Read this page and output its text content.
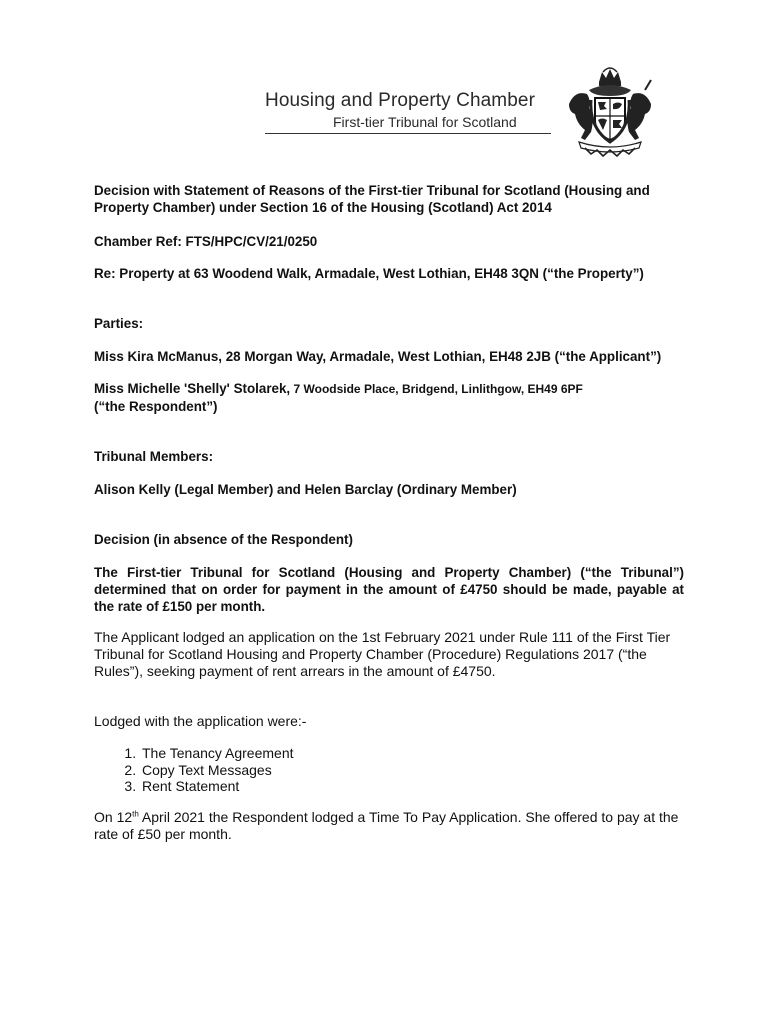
Housing and Property Chamber
First-tier Tribunal for Scotland

Decision with Statement of Reasons of the First-tier Tribunal for Scotland (Housing and Property Chamber) under Section 16 of the Housing (Scotland) Act 2014

Chamber Ref: FTS/HPC/CV/21/0250

Re: Property at 63 Woodend Walk, Armadale, West Lothian, EH48 3QN (“the Property”)

Parties:

Miss Kira McManus, 28 Morgan Way, Armadale, West Lothian, EH48 2JB (“the Applicant”)

Miss Michelle 'Shelly' Stolarek, 7 Woodside Place, Bridgend, Linlithgow, EH49 6PF

(“the Respondent”)

Tribunal Members:

Alison Kelly (Legal Member) and Helen Barclay (Ordinary Member)

Decision (in absence of the Respondent)

The First-tier Tribunal for Scotland (Housing and Property Chamber) (“the Tribunal”) determined that on order for payment in the amount of £4750 should be made, payable at the rate of £150 per month.

The Applicant lodged an application on the 1st February 2021 under Rule 111 of the First Tier Tribunal for Scotland Housing and Property Chamber (Procedure) Regulations 2017 (“the Rules”), seeking payment of rent arrears in the amount of £4750.

Lodged with the application were:-

1. The Tenancy Agreement
2. Copy Text Messages
3. Rent Statement

On 12th April 2021 the Respondent lodged a Time To Pay Application. She offered to pay at the rate of £50 per month.
